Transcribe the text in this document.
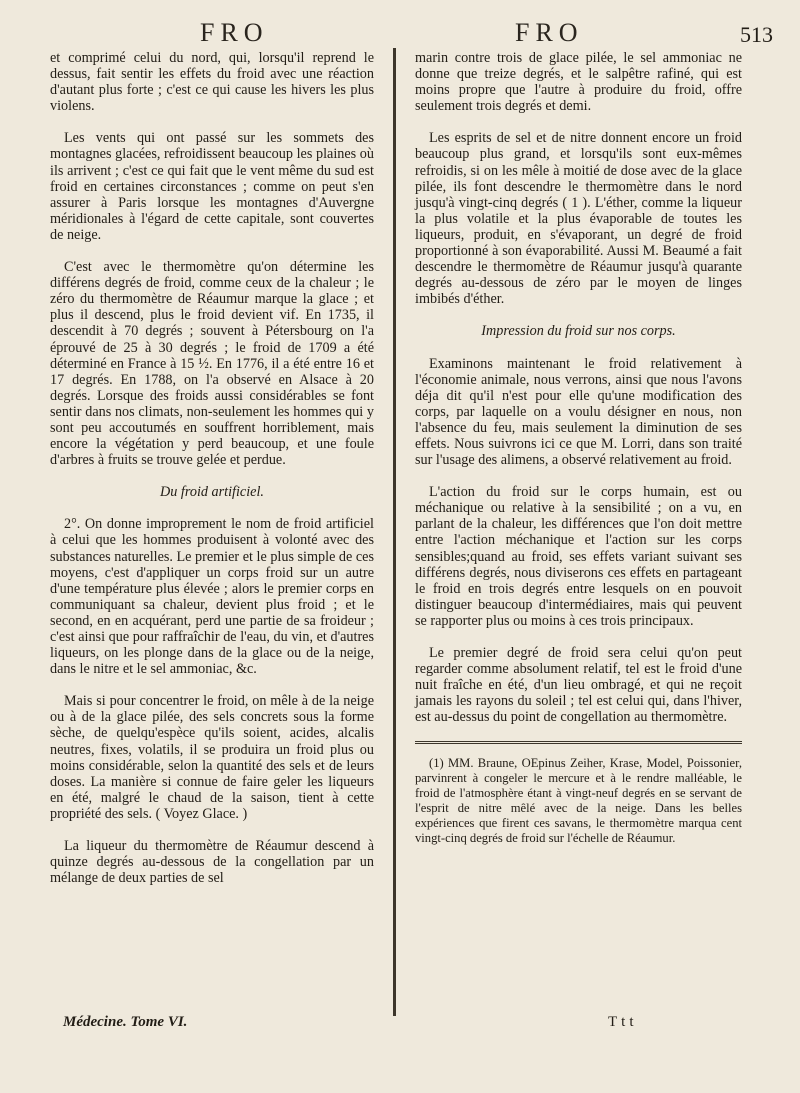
FRO	FRO	513

et comprimé celui du nord, qui, lorsqu'il reprend le dessus, fait sentir les effets du froid avec une réaction d'autant plus forte ; c'est ce qui cause les hivers les plus violens.

Les vents qui ont passé sur les sommets des montagnes glacées, refroidissent beaucoup les plaines où ils arrivent ; c'est ce qui fait que le vent même du sud est froid en certaines circonstances ; comme on peut s'en assurer à Paris lorsque les montagnes d'Auvergne méridionales à l'égard de cette capitale, sont couvertes de neige.

C'est avec le thermomètre qu'on détermine les différens degrés de froid, comme ceux de la chaleur ; le zéro du thermomètre de Réaumur marque la glace ; et plus il descend, plus le froid devient vif. En 1735, il descendit à 70 degrés ; souvent à Pétersbourg on l'a éprouvé de 25 à 30 degrés ; le froid de 1709 a été déterminé en France à 15 ½. En 1776, il a été entre 16 et 17 degrés. En 1788, on l'a observé en Alsace à 20 degrés. Lorsque des froids aussi considérables se font sentir dans nos climats, non-seulement les hommes qui y sont peu accoutumés en souffrent horriblement, mais encore la végétation y perd beaucoup, et une foule d'arbres à fruits se trouve gelée et perdue.

Du froid artificiel.

2°. On donne improprement le nom de froid artificiel à celui que les hommes produisent à volonté avec des substances naturelles. Le premier et le plus simple de ces moyens, c'est d'appliquer un corps froid sur un autre d'une température plus élevée ; alors le premier corps en communiquant sa chaleur, devient plus froid ; et le second, en en acquérant, perd une partie de sa froideur ; c'est ainsi que pour raffraîchir de l'eau, du vin, et d'autres liqueurs, on les plonge dans de la glace ou de la neige, dans le nitre et le sel ammoniac, &c.

Mais si pour concentrer le froid, on mêle à de la neige ou à de la glace pilée, des sels concrets sous la forme sèche, de quelqu'espèce qu'ils soient, acides, alcalis neutres, fixes, volatils, il se produira un froid plus ou moins considérable, selon la quantité des sels et de leurs doses. La manière si connue de faire geler les liqueurs en été, malgré le chaud de la saison, tient à cette propriété des sels. ( Voyez Glace. )

La liqueur du thermomètre de Réaumur descend à quinze degrés au-dessous de la congellation par un mélange de deux parties de sel

marin contre trois de glace pilée, le sel ammoniac ne donne que treize degrés, et le salpêtre rafiné, qui est moins propre que l'autre à produire du froid, offre seulement trois degrés et demi.

Les esprits de sel et de nitre donnent encore un froid beaucoup plus grand, et lorsqu'ils sont eux-mêmes refroidis, si on les mêle à moitié de dose avec de la glace pilée, ils font descendre le thermomètre dans le nord jusqu'à vingt-cinq degrés ( 1 ). L'éther, comme la liqueur la plus volatile et la plus évaporable de toutes les liqueurs, produit, en s'évaporant, un degré de froid proportionné à son évaporabilité. Aussi M. Beaumé a fait descendre le thermomètre de Réaumur jusqu'à quarante degrés au-dessous de zéro par le moyen de linges imbibés d'éther.

Impression du froid sur nos corps.

Examinons maintenant le froid relativement à l'économie animale, nous verrons, ainsi que nous l'avons déja dit qu'il n'est pour elle qu'une modification des corps, par laquelle on a voulu désigner en nous, non l'absence du feu, mais seulement la diminution de ses effets. Nous suivrons ici ce que M. Lorri, dans son traité sur l'usage des alimens, a observé relativement au froid.

L'action du froid sur le corps humain, est ou méchanique ou relative à la sensibilité ; on a vu, en parlant de la chaleur, les différences que l'on doit mettre entre l'action méchanique et l'action sur les corps sensibles;quand au froid, ses effets variant suivant ses différens degrés, nous diviserons ces effets en partageant le froid en trois degrés entre lesquels on en pouvoit distinguer beaucoup d'intermédiaires, mais qui peuvent se rapporter plus ou moins à ces trois principaux.

Le premier degré de froid sera celui qu'on peut regarder comme absolument relatif, tel est le froid d'une nuit fraîche en été, d'un lieu ombragé, et qui ne reçoit jamais les rayons du soleil ; tel est celui qui, dans l'hiver, est au-dessus du point de congellation au thermomètre.

(1) MM. Braune, OEpinus Zeiher, Krase, Model, Poissonier, parvinrent à congeler le mercure et à le rendre malléable, le froid de l'atmosphère étant à vingt-neuf degrés en se servant de l'esprit de nitre mêlé avec de la neige. Dans les belles expériences que firent ces savans, le thermomètre marqua cent vingt-cinq degrés de froid sur l'échelle de Réaumur.

Médecine. Tome VI.	Ttt
